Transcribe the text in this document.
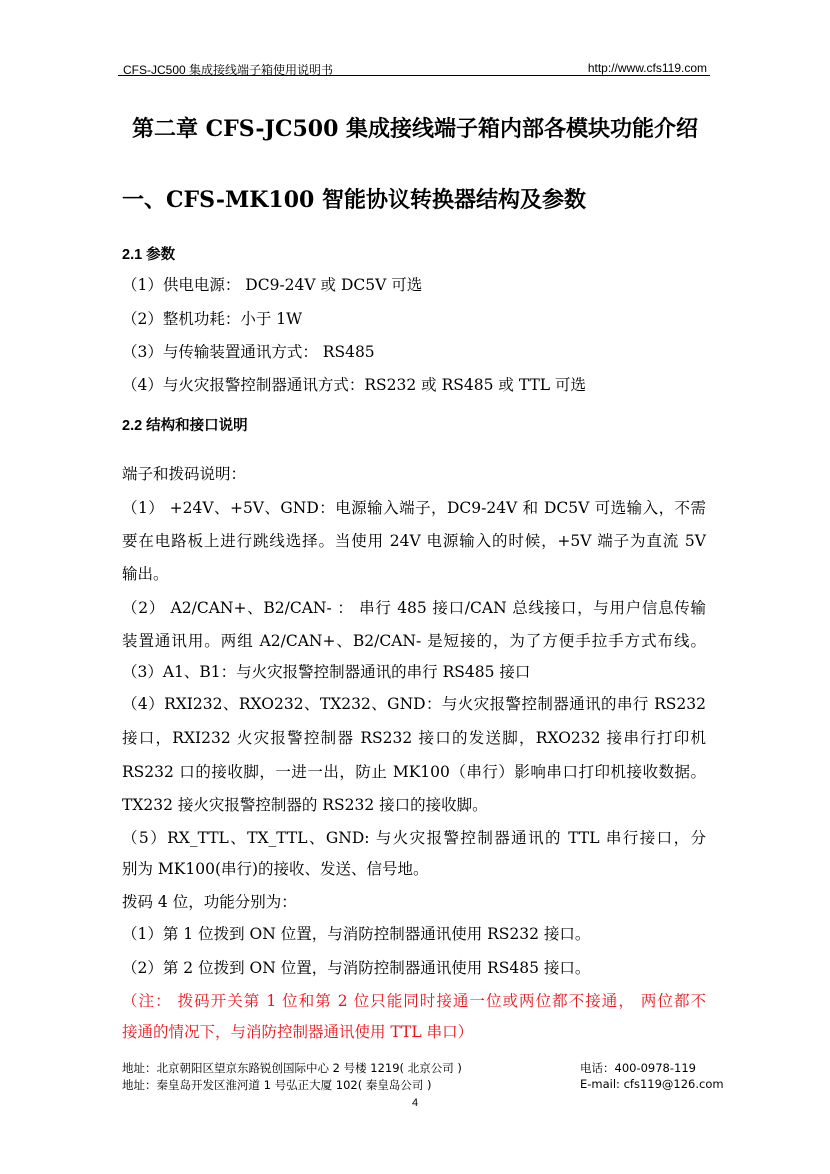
CFS-JC500 集成接线端子箱使用说明书	http://www.cfs119.com
第二章 CFS-JC500 集成接线端子箱内部各模块功能介绍
一、CFS-MK100 智能协议转换器结构及参数
2.1 参数
（1）供电电源： DC9-24V 或 DC5V 可选
（2）整机功耗：小于 1W
（3）与传输装置通讯方式： RS485
（4）与火灾报警控制器通讯方式：RS232 或 RS485 或 TTL 可选
2.2 结构和接口说明
端子和拨码说明：
（1） +24V、+5V、GND：电源输入端子，DC9-24V 和 DC5V 可选输入，不需
要在电路板上进行跳线选择。当使用 24V 电源输入的时候，+5V 端子为直流 5V
输出。
（2） A2/CAN+、B2/CAN- ： 串行 485 接口/CAN 总线接口，与用户信息传输
装置通讯用。两组 A2/CAN+、B2/CAN- 是短接的，为了方便手拉手方式布线。
（3）A1、B1：与火灾报警控制器通讯的串行 RS485 接口
（4）RXI232、RXO232、TX232、GND：与火灾报警控制器通讯的串行 RS232
接口，RXI232 火灾报警控制器 RS232 接口的发送脚，RXO232 接串行打印机
RS232 口的接收脚，一进一出，防止 MK100（串行）影响串口打印机接收数据。
TX232 接火灾报警控制器的 RS232 接口的接收脚。
（5）RX_TTL、TX_TTL、GND: 与火灾报警控制器通讯的 TTL 串行接口，分
别为 MK100(串行)的接收、发送、信号地。
拨码 4 位，功能分别为：
（1）第 1 位拨到 ON 位置，与消防控制器通讯使用 RS232 接口。
（2）第 2 位拨到 ON 位置，与消防控制器通讯使用 RS485 接口。
（注： 拨码开关第 1 位和第 2 位只能同时接通一位或两位都不接通， 两位都不
接通的情况下，与消防控制器通讯使用 TTL 串口）
地址：北京朝阳区望京东路锐创国际中心 2 号楼 1219( 北京公司 )
地址：秦皇岛开发区淮河道 1 号弘正大厦 102( 秦皇岛公司 )
电话：400-0978-119
E-mail: cfs119@126.com
4
